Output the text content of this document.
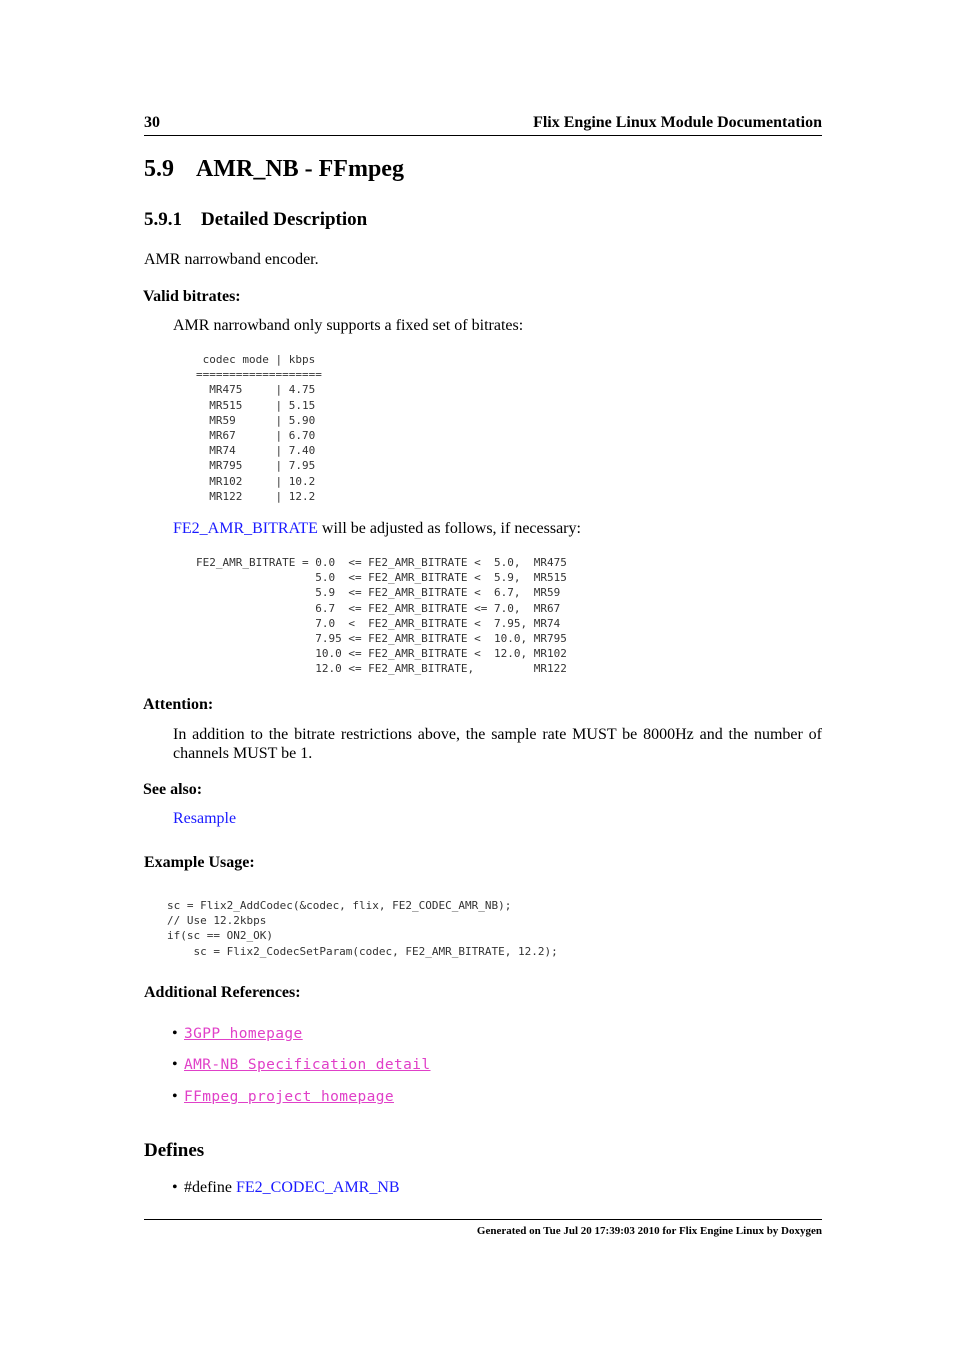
30	Flix Engine Linux Module Documentation
5.9 AMR_NB - FFmpeg
5.9.1 Detailed Description
AMR narrowband encoder.
Valid bitrates:
AMR narrowband only supports a fixed set of bitrates:
codec mode | kbps
===================
MR475     | 4.75
MR515     | 5.15
MR59      | 5.90
MR67      | 6.70
MR74      | 7.40
MR795     | 7.95
MR102     | 10.2
MR122     | 12.2
FE2_AMR_BITRATE will be adjusted as follows, if necessary:
FE2_AMR_BITRATE = 0.0  <= FE2_AMR_BITRATE <  5.0,  MR475
5.0  <= FE2_AMR_BITRATE <  5.9,  MR515
5.9  <= FE2_AMR_BITRATE <  6.7,  MR59
6.7  <= FE2_AMR_BITRATE <= 7.0,  MR67
7.0  <  FE2_AMR_BITRATE <  7.95, MR74
7.95 <= FE2_AMR_BITRATE <  10.0, MR795
10.0 <= FE2_AMR_BITRATE <  12.0, MR102
12.0 <= FE2_AMR_BITRATE,         MR122
Attention:
In addition to the bitrate restrictions above, the sample rate MUST be 8000Hz and the number of channels MUST be 1.
See also:
Resample
Example Usage:
sc = Flix2_AddCodec(&codec, flix, FE2_CODEC_AMR_NB);
// Use 12.2kbps
if(sc == ON2_OK)
sc = Flix2_CodecSetParam(codec, FE2_AMR_BITRATE, 12.2);
Additional References:
• 3GPP homepage
• AMR-NB Specification detail
• FFmpeg project homepage
Defines
• #define FE2_CODEC_AMR_NB
Generated on Tue Jul 20 17:39:03 2010 for Flix Engine Linux by Doxygen
